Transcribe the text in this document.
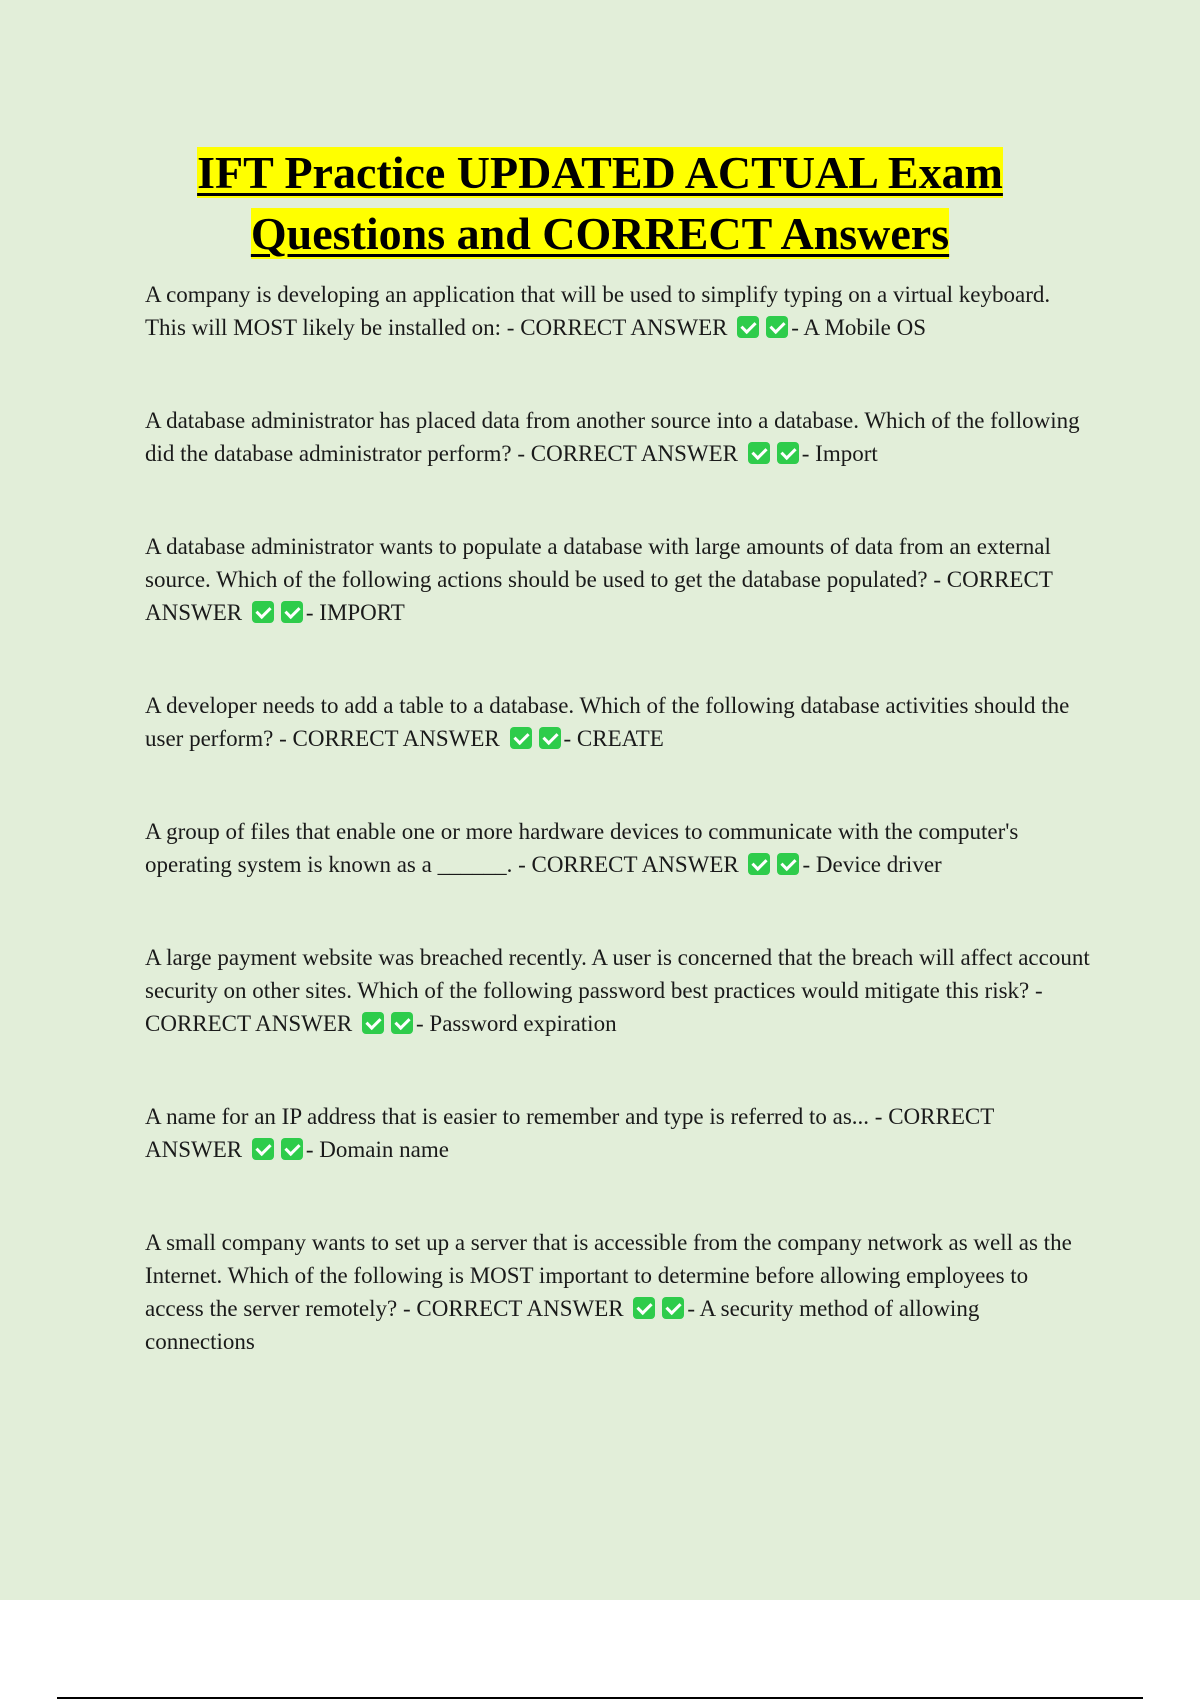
IFT Practice UPDATED ACTUAL Exam
Questions and CORRECT Answers

A company is developing an application that will be used to simplify typing on a virtual keyboard. This will MOST likely be installed on: - CORRECT ANSWER	- A Mobile OS

A database administrator has placed data from another source into a database. Which of the following did the database administrator perform? - CORRECT ANSWER	- Import

A database administrator wants to populate a database with large amounts of data from an external source. Which of the following actions should be used to get the database populated? - CORRECT ANSWER	- IMPORT

A developer needs to add a table to a database. Which of the following database activities should the user perform? - CORRECT ANSWER	- CREATE

A group of files that enable one or more hardware devices to communicate with the computer's operating system is known as a ______. - CORRECT ANSWER	- Device driver

A large payment website was breached recently. A user is concerned that the breach will affect account security on other sites. Which of the following password best practices would mitigate this risk? - CORRECT ANSWER	- Password expiration

A name for an IP address that is easier to remember and type is referred to as... - CORRECT ANSWER	- Domain name

A small company wants to set up a server that is accessible from the company network as well as the Internet. Which of the following is MOST important to determine before allowing employees to access the server remotely? - CORRECT ANSWER	- A security method of allowing connections
